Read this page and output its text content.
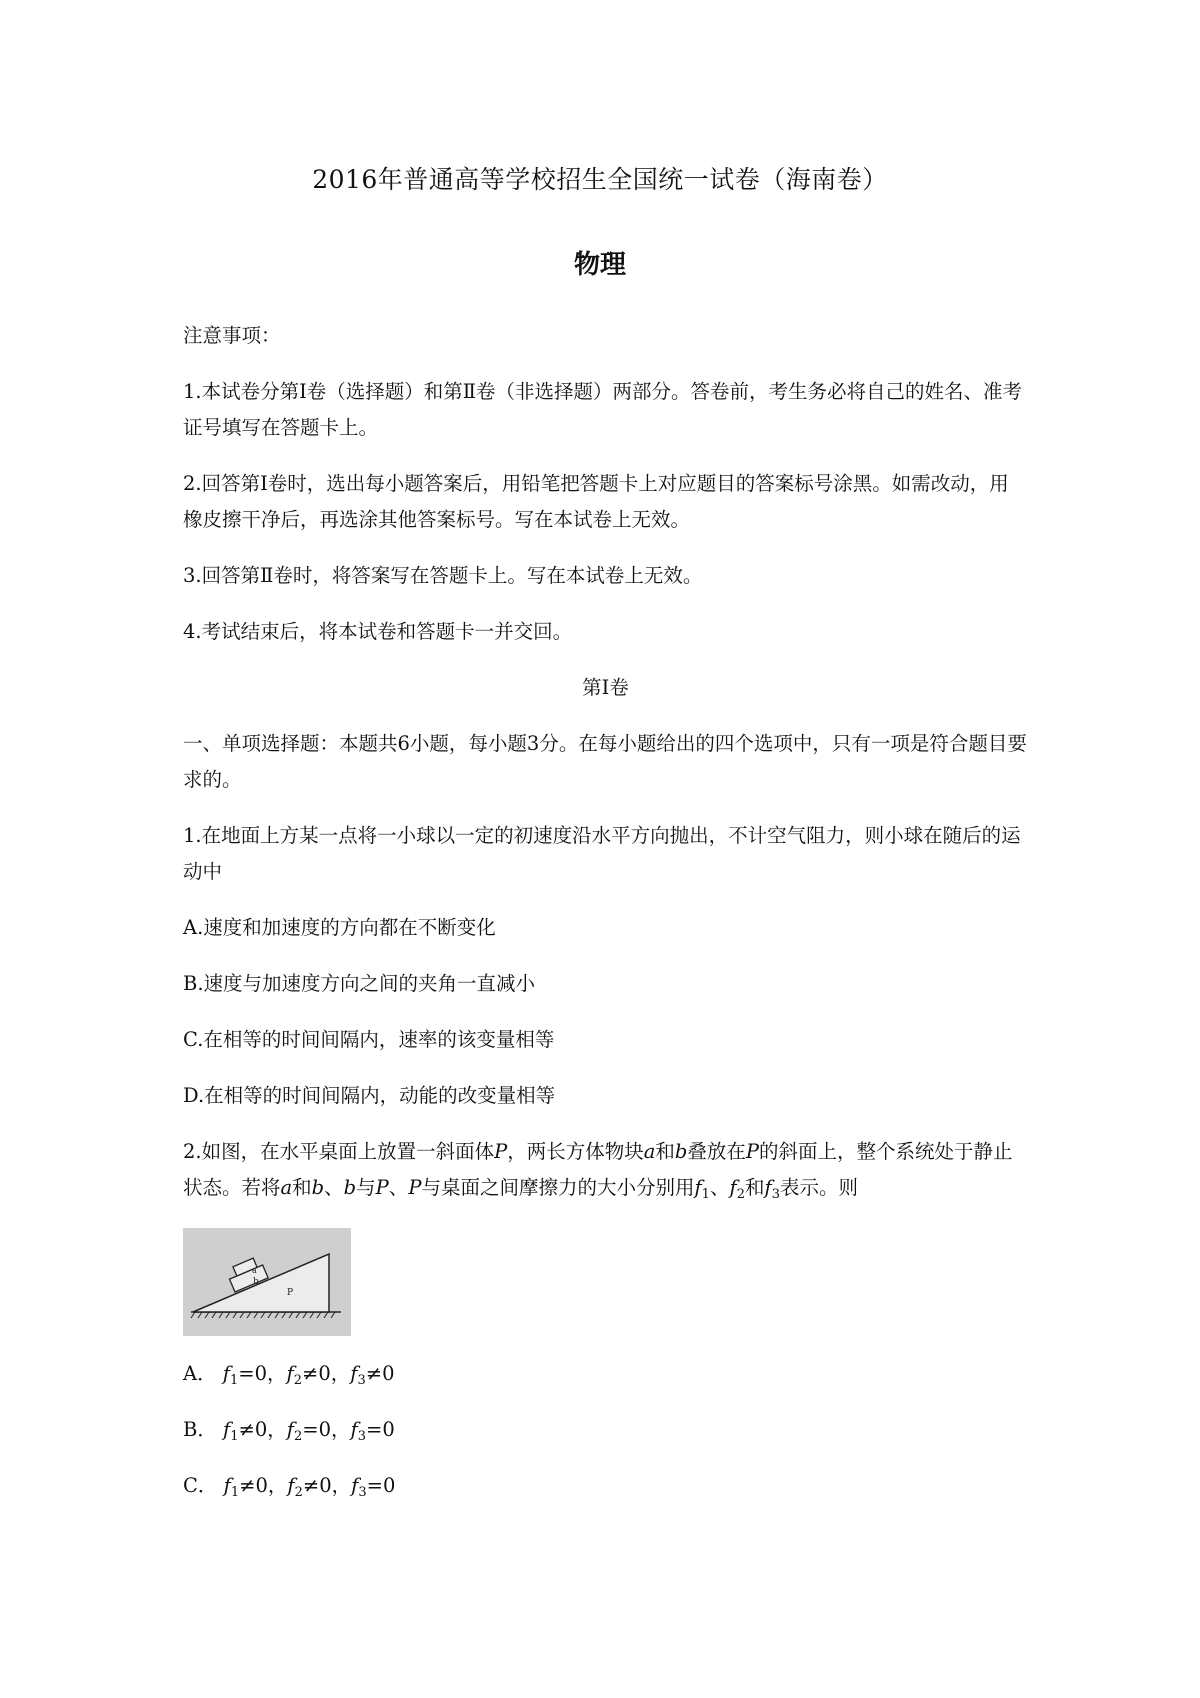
2016年普通高等学校招生全国统一试卷（海南卷）
物理

注意事项：

1.本试卷分第Ⅰ卷（选择题）和第Ⅱ卷（非选择题）两部分。答卷前，考生务必将自己的姓名、准考证号填写在答题卡上。

2.回答第Ⅰ卷时，选出每小题答案后，用铅笔把答题卡上对应题目的答案标号涂黑。如需改动，用橡皮擦干净后，再选涂其他答案标号。写在本试卷上无效。

3.回答第Ⅱ卷时，将答案写在答题卡上。写在本试卷上无效。

4.考试结束后，将本试卷和答题卡一并交回。

第Ⅰ卷

一、单项选择题：本题共6小题，每小题3分。在每小题给出的四个选项中，只有一项是符合题目要求的。

1.在地面上方某一点将一小球以一定的初速度沿水平方向抛出，不计空气阻力，则小球在随后的运动中

A.速度和加速度的方向都在不断变化

B.速度与加速度方向之间的夹角一直减小

C.在相等的时间间隔内，速率的该变量相等

D.在相等的时间间隔内，动能的改变量相等

2.如图，在水平桌面上放置一斜面体P，两长方体物块a和b叠放在P的斜面上，整个系统处于静止状态。若将a和b、b与P、P与桌面之间摩擦力的大小分别用$f_1$、$f_2$和$f_3$表示。则

a
b
P

A． $f_1=0$，$f_2\ne 0$，$f_3\ne 0$

B． $f_1\ne 0$，$f_2=0$，$f_3=0$

C． $f_1\ne 0$，$f_2\ne 0$，$f_3=0$
